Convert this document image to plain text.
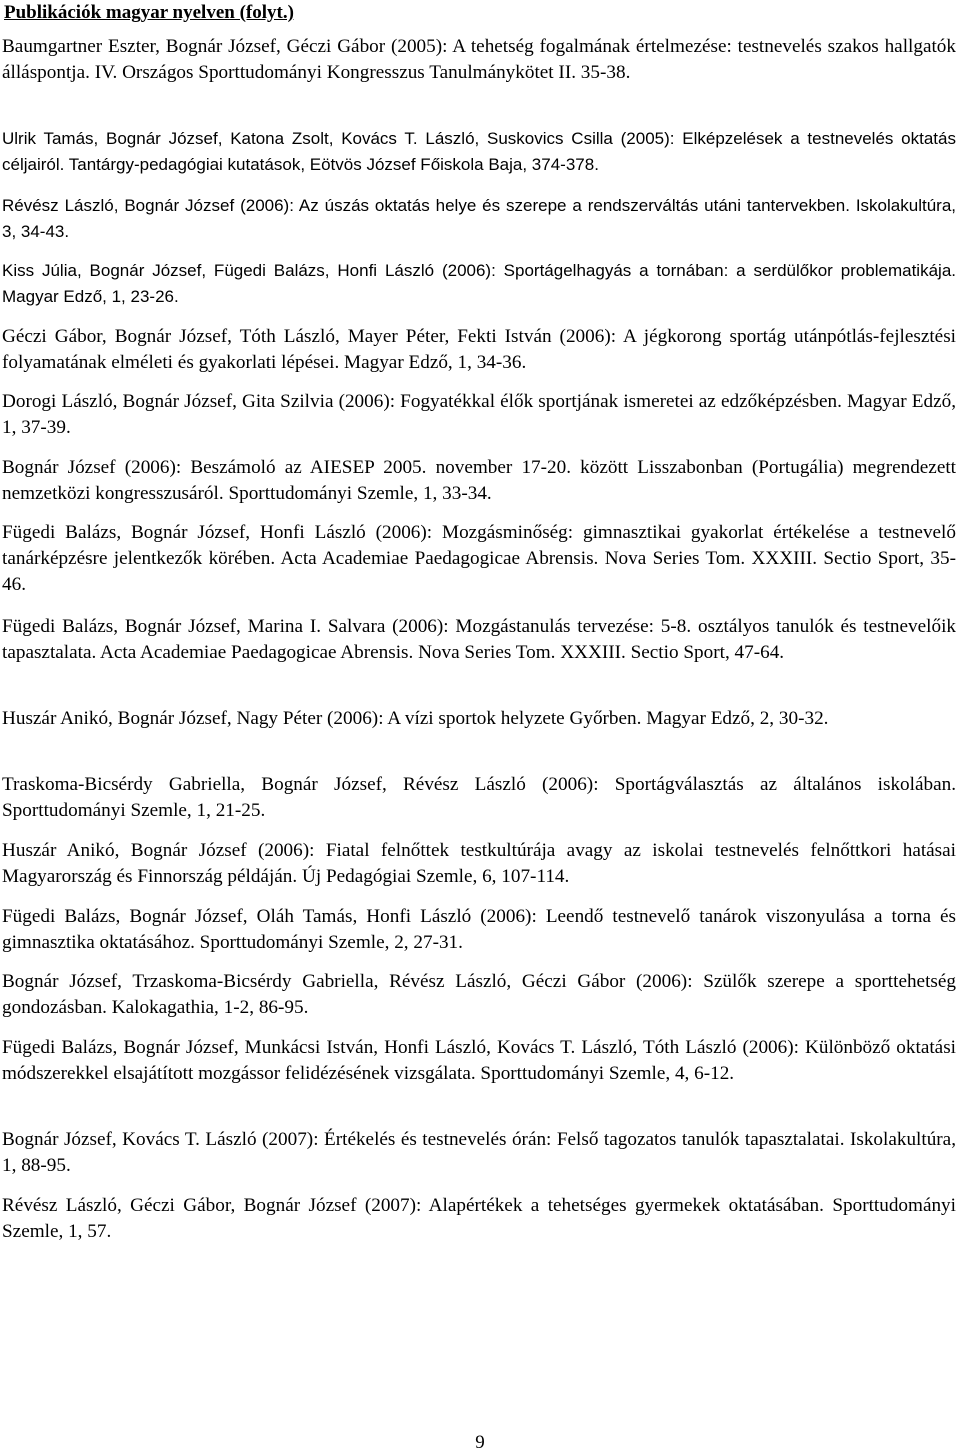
Publikációk magyar nyelven (folyt.)

Baumgartner Eszter, Bognár József, Géczi Gábor (2005): A tehetség fogalmának értelmezése: testnevelés szakos hallgatók álláspontja. IV. Országos Sporttudományi Kongresszus Tanulmánykötet II. 35-38.

Ulrik Tamás, Bognár József, Katona Zsolt, Kovács T. László, Suskovics Csilla (2005): Elképzelések a testnevelés oktatás céljairól. Tantárgy-pedagógiai kutatások, Eötvös József Főiskola Baja, 374-378.

Révész László, Bognár József (2006): Az úszás oktatás helye és szerepe a rendszerváltás utáni tantervekben. Iskolakultúra, 3, 34-43.

Kiss Júlia, Bognár József, Fügedi Balázs, Honfi László (2006): Sportágelhagyás a tornában: a serdülőkor problematikája. Magyar Edző, 1, 23-26.

Géczi Gábor, Bognár József, Tóth László, Mayer Péter, Fekti István (2006): A jégkorong sportág utánpótlás-fejlesztési folyamatának elméleti és gyakorlati lépései. Magyar Edző, 1, 34-36.

Dorogi László, Bognár József, Gita Szilvia (2006): Fogyatékkal élők sportjának ismeretei az edzőképzésben. Magyar Edző, 1, 37-39.

Bognár József (2006): Beszámoló az AIESEP 2005. november 17-20. között Lisszabonban (Portugália) megrendezett nemzetközi kongresszusáról. Sporttudományi Szemle, 1, 33-34.

Fügedi Balázs, Bognár József, Honfi László (2006): Mozgásminőség: gimnasztikai gyakorlat értékelése a testnevelő tanárképzésre jelentkezők körében. Acta Academiae Paedagogicae Abrensis. Nova Series Tom. XXXIII. Sectio Sport, 35-46.

Fügedi Balázs, Bognár József, Marina I. Salvara (2006): Mozgástanulás tervezése: 5-8. osztályos tanulók és testnevelőik tapasztalata. Acta Academiae Paedagogicae Abrensis. Nova Series Tom. XXXIII. Sectio Sport, 47-64.

Huszár Anikó, Bognár József, Nagy Péter (2006): A vízi sportok helyzete Győrben. Magyar Edző, 2, 30-32.

Traskoma-Bicsérdy Gabriella, Bognár József, Révész László (2006): Sportágválasztás az általános iskolában. Sporttudományi Szemle, 1, 21-25.

Huszár Anikó, Bognár József (2006): Fiatal felnőttek testkultúrája avagy az iskolai testnevelés felnőttkori hatásai Magyarország és Finnország példáján. Új Pedagógiai Szemle, 6, 107-114.

Fügedi Balázs, Bognár József, Oláh Tamás, Honfi László (2006): Leendő testnevelő tanárok viszonyulása a torna és gimnasztika oktatásához. Sporttudományi Szemle, 2, 27-31.

Bognár József, Trzaskoma-Bicsérdy Gabriella, Révész László, Géczi Gábor (2006): Szülők szerepe a sporttehetség gondozásban. Kalokagathia, 1-2, 86-95.

Fügedi Balázs, Bognár József, Munkácsi István, Honfi László, Kovács T. László, Tóth László (2006): Különböző oktatási módszerekkel elsajátított mozgássor felidézésének vizsgálata. Sporttudományi Szemle, 4, 6-12.

Bognár József, Kovács T. László (2007): Értékelés és testnevelés órán: Felső tagozatos tanulók tapasztalatai. Iskolakultúra, 1, 88-95.

Révész László, Géczi Gábor, Bognár József (2007): Alapértékek a tehetséges gyermekek oktatásában. Sporttudományi Szemle, 1, 57.

9
